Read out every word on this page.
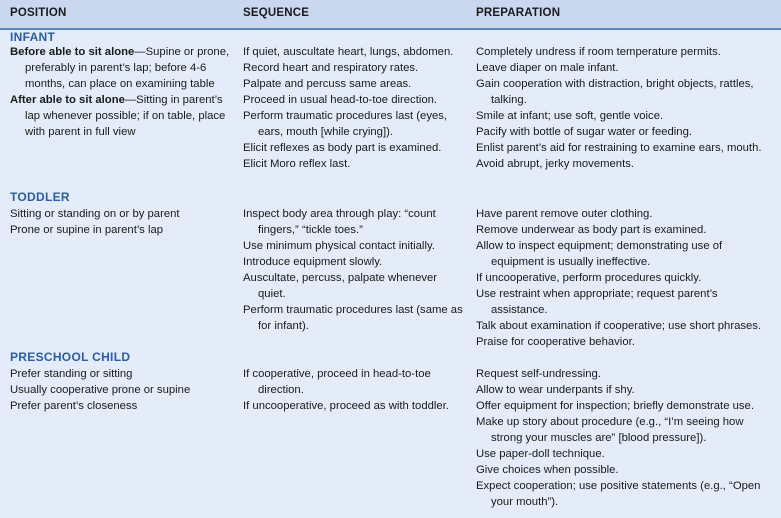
POSITION	SEQUENCE	PREPARATION
INFANT
Before able to sit alone—Supine or prone, preferably in parent’s lap; before 4-6 months, can place on examining table
After able to sit alone—Sitting in parent’s lap whenever possible; if on table, place with parent in full view
If quiet, auscultate heart, lungs, abdomen.
Record heart and respiratory rates.
Palpate and percuss same areas.
Proceed in usual head-to-toe direction.
Perform traumatic procedures last (eyes, ears, mouth [while crying]).
Elicit reflexes as body part is examined.
Elicit Moro reflex last.
Completely undress if room temperature permits.
Leave diaper on male infant.
Gain cooperation with distraction, bright objects, rattles, talking.
Smile at infant; use soft, gentle voice.
Pacify with bottle of sugar water or feeding.
Enlist parent’s aid for restraining to examine ears, mouth.
Avoid abrupt, jerky movements.
TODDLER
Sitting or standing on or by parent
Prone or supine in parent’s lap
Inspect body area through play: “count fingers,” “tickle toes.”
Use minimum physical contact initially.
Introduce equipment slowly.
Auscultate, percuss, palpate whenever quiet.
Perform traumatic procedures last (same as for infant).
Have parent remove outer clothing.
Remove underwear as body part is examined.
Allow to inspect equipment; demonstrating use of equipment is usually ineffective.
If uncooperative, perform procedures quickly.
Use restraint when appropriate; request parent’s assistance.
Talk about examination if cooperative; use short phrases.
Praise for cooperative behavior.
PRESCHOOL CHILD
Prefer standing or sitting
Usually cooperative prone or supine
Prefer parent’s closeness
If cooperative, proceed in head-to-toe direction.
If uncooperative, proceed as with toddler.
Request self-undressing.
Allow to wear underpants if shy.
Offer equipment for inspection; briefly demonstrate use.
Make up story about procedure (e.g., “I’m seeing how strong your muscles are” [blood pressure]).
Use paper-doll technique.
Give choices when possible.
Expect cooperation; use positive statements (e.g., “Open your mouth”).
